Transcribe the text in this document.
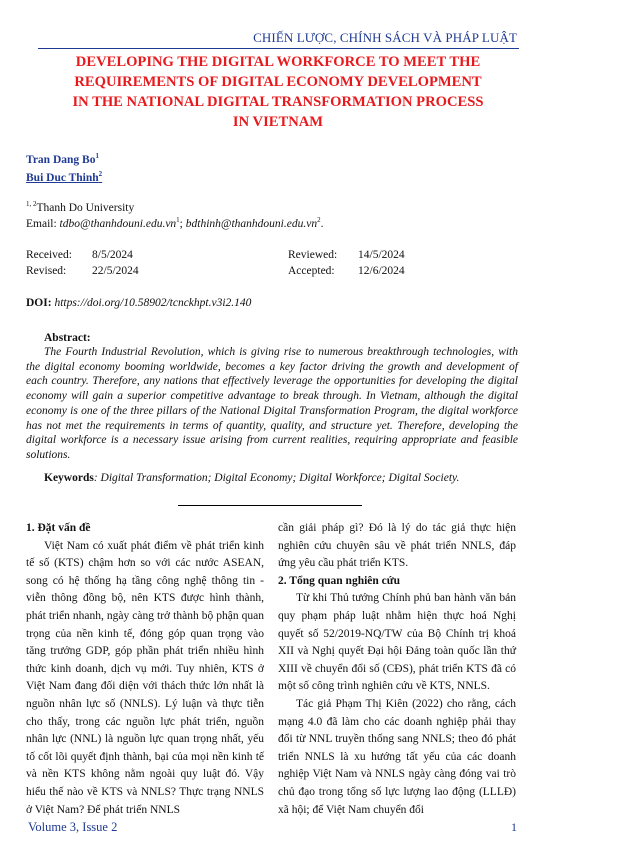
CHIẾN LƯỢC, CHÍNH SÁCH VÀ PHÁP LUẬT
DEVELOPING THE DIGITAL WORKFORCE TO MEET THE
REQUIREMENTS OF DIGITAL ECONOMY DEVELOPMENT
IN THE NATIONAL DIGITAL TRANSFORMATION PROCESS
IN VIETNAM
Tran Dang Bo$^1$
Bui Duc Thinh$^2$
$^{1, 2}$Thanh Do University
Email: $tdbo@thanhdouni.edu.vn^1$; $bdthinh@thanhdouni.edu.vn^2$.
Received: 8/5/2024	Reviewed: 14/5/2024
Revised: 22/5/2024	Accepted: 12/6/2024
DOI: https://doi.org/10.58902/tcnckhpt.v3i2.140
Abstract:

The Fourth Industrial Revolution, which is giving rise to numerous breakthrough technologies, with the digital economy booming worldwide, becomes a key factor driving the growth and development of each country. Therefore, any nations that effectively leverage the opportunities for developing the digital economy will gain a superior competitive advantage to break through. In Vietnam, although the digital economy is one of the three pillars of the National Digital Transformation Program, the digital workforce has not met the requirements in terms of quantity, quality, and structure yet. Therefore, developing the digital workforce is a necessary issue arising from current realities, requiring appropriate and feasible solutions.

Keywords: Digital Transformation; Digital Economy; Digital Workforce; Digital Society.
1. Đặt vấn đề

Việt Nam có xuất phát điểm về phát triển kinh tế số (KTS) chậm hơn so với các nước ASEAN, song có hệ thống hạ tầng công nghệ thông tin - viễn thông đồng bộ, nên KTS được hình thành, phát triển nhanh, ngày càng trở thành bộ phận quan trọng của nền kinh tế, đóng góp quan trọng vào tăng trưởng GDP, góp phần phát triển nhiều hình thức kinh doanh, dịch vụ mới. Tuy nhiên, KTS ở Việt Nam đang đối diện với thách thức lớn nhất là nguồn nhân lực số (NNLS). Lý luận và thực tiễn cho thấy, trong các nguồn lực phát triển, nguồn nhân lực (NNL) là nguồn lực quan trọng nhất, yếu tố cốt lõi quyết định thành, bại của mọi nền kinh tế và nền KTS không nằm ngoài quy luật đó. Vậy hiểu thế nào về KTS và NNLS? Thực trạng NNLS ở Việt Nam? Để phát triển NNLS

cần giải pháp gì? Đó là lý do tác giả thực hiện nghiên cứu chuyên sâu về phát triển NNLS, đáp ứng yêu cầu phát triển KTS.

2. Tổng quan nghiên cứu

Từ khi Thủ tướng Chính phủ ban hành văn bản quy phạm pháp luật nhằm hiện thực hoá Nghị quyết số 52/2019-NQ/TW của Bộ Chính trị khoá XII và Nghị quyết Đại hội Đảng toàn quốc lần thứ XIII về chuyển đổi số (CĐS), phát triển KTS đã có một số công trình nghiên cứu về KTS, NNLS.

Tác giả Phạm Thị Kiên (2022) cho rằng, cách mạng 4.0 đã làm cho các doanh nghiệp phải thay đổi từ NNL truyền thống sang NNLS; theo đó phát triển NNLS là xu hướng tất yếu của các doanh nghiệp Việt Nam và NNLS ngày càng đóng vai trò chủ đạo trong tổng số lực lượng lao động (LLLĐ) xã hội; để Việt Nam chuyển đổi

Volume 3, Issue 2	1
